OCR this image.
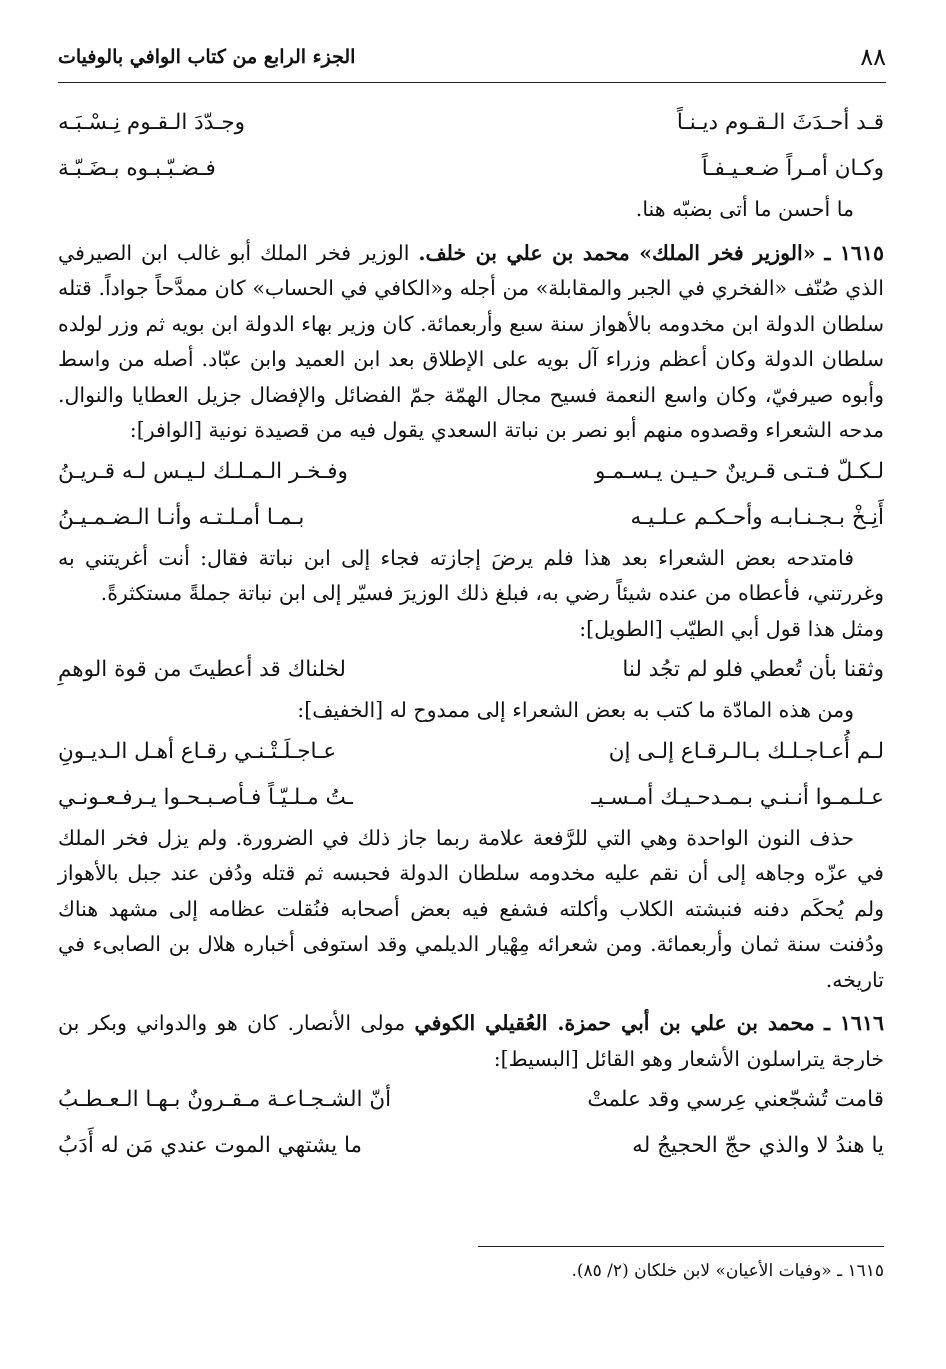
الجزء الرابع من كتاب الوافي بالوفيات	٨٨
قـد أحـدَثَ الـقـوم ديـنـاً
وجـدّدَ الـقـوم نِـسْـبَـه
وكـان أمـراً ضـعـيـفـاً
فـضـبّـبـوه بـضَـبّـة

ما أحسن ما أتى بضبّه هنا.

١٦١٥ ـ «الوزير فخر الملك» محمد بن علي بن خلف. الوزير فخر الملك أبو غالب ابن الصيرفي الذي صُنّف «الفخري في الجبر والمقابلة» من أجله و«الكافي في الحساب» كان ممدَّحاً جواداً. قتله سلطان الدولة ابن مخدومه بالأهواز سنة سبع وأربعمائة. كان وزير بهاء الدولة ابن بويه ثم وزر لولده سلطان الدولة وكان أعظم وزراء آل بويه على الإطلاق بعد ابن العميد وابن عبّاد. أصله من واسط وأبوه صيرفيّ، وكان واسع النعمة فسيح مجال الهمّة جمّ الفضائل والإفضال جزيل العطايا والنوال. مدحه الشعراء وقصدوه منهم أبو نصر بن نباتة السعدي يقول فيه من قصيدة نونية [الوافر]:

لـكـلّ فـتـى قـرينٌ حـيـن يـسـمـو
وفـخـر الـمـلـك لـيـس لـه قـريـنُ
أَنِـخْ بـجـنـابـه وأحـكـم عـلـيـه
بـمـا أمـلـتـه وأنـا الـضـمـيـنُ

فامتدحه بعض الشعراء بعد هذا فلم يرضَ إجازته فجاء إلى ابن نباتة فقال: أنت أغريتني به وغررتني، فأعطاه من عنده شيئاً رضي به، فبلغ ذلك الوزيرَ فسيّر إلى ابن نباتة جملةً مستكثرةً.

ومثل هذا قول أبي الطيّب [الطويل]:

وثقنا بأن تُعطي فلو لم تجُد لنا
لخلناك قد أعطيتَ من قوة الوهمِ

ومن هذه المادّة ما كتب به بعض الشعراء إلى ممدوح له [الخفيف]:

لـم أُعـاجـلـك بـالـرقـاع إلـى إن
عـاجـلَـتْـنـي رقـاع أهـل الـديـونِ
عـلـمـوا أنـنـي بـمـدحـيـك أمـسـيـ
ـتُ مـلـيّـاً فـأصـبـحـوا يـرفـعـونـي

حذف النون الواحدة وهي التي للرَّفعة علامة ربما جاز ذلك في الضرورة. ولم يزل فخر الملك في عزّه وجاهه إلى أن نقم عليه مخدومه سلطان الدولة فحبسه ثم قتله ودُفن عند جبل بالأهواز ولم يُحكَم دفنه فنبشته الكلاب وأكلته فشفع فيه بعض أصحابه فنُقلت عظامه إلى مشهد هناك ودُفنت سنة ثمان وأربعمائة. ومن شعرائه مِهْيار الديلمي وقد استوفى أخباره هلال بن الصابىء في تاريخه.

١٦١٦ ـ محمد بن علي بن أبي حمزة. العُقيلي الكوفي مولى الأنصار. كان هو والدواني وبكر بن خارجة يتراسلون الأشعار وهو القائل [البسيط]:

قامت تُشجّعني عِرسي وقد علمتْ
أنّ الشـجـاعـة مـقـرونٌ بـهـا الـعـطـبُ
يا هندُ لا والذي حجّ الحجيجُ له
ما يشتهي الموت عندي مَن له أَدَبُ
١٦١٥ ـ «وفيات الأعيان» لابن خلكان (٢/ ٨٥).
